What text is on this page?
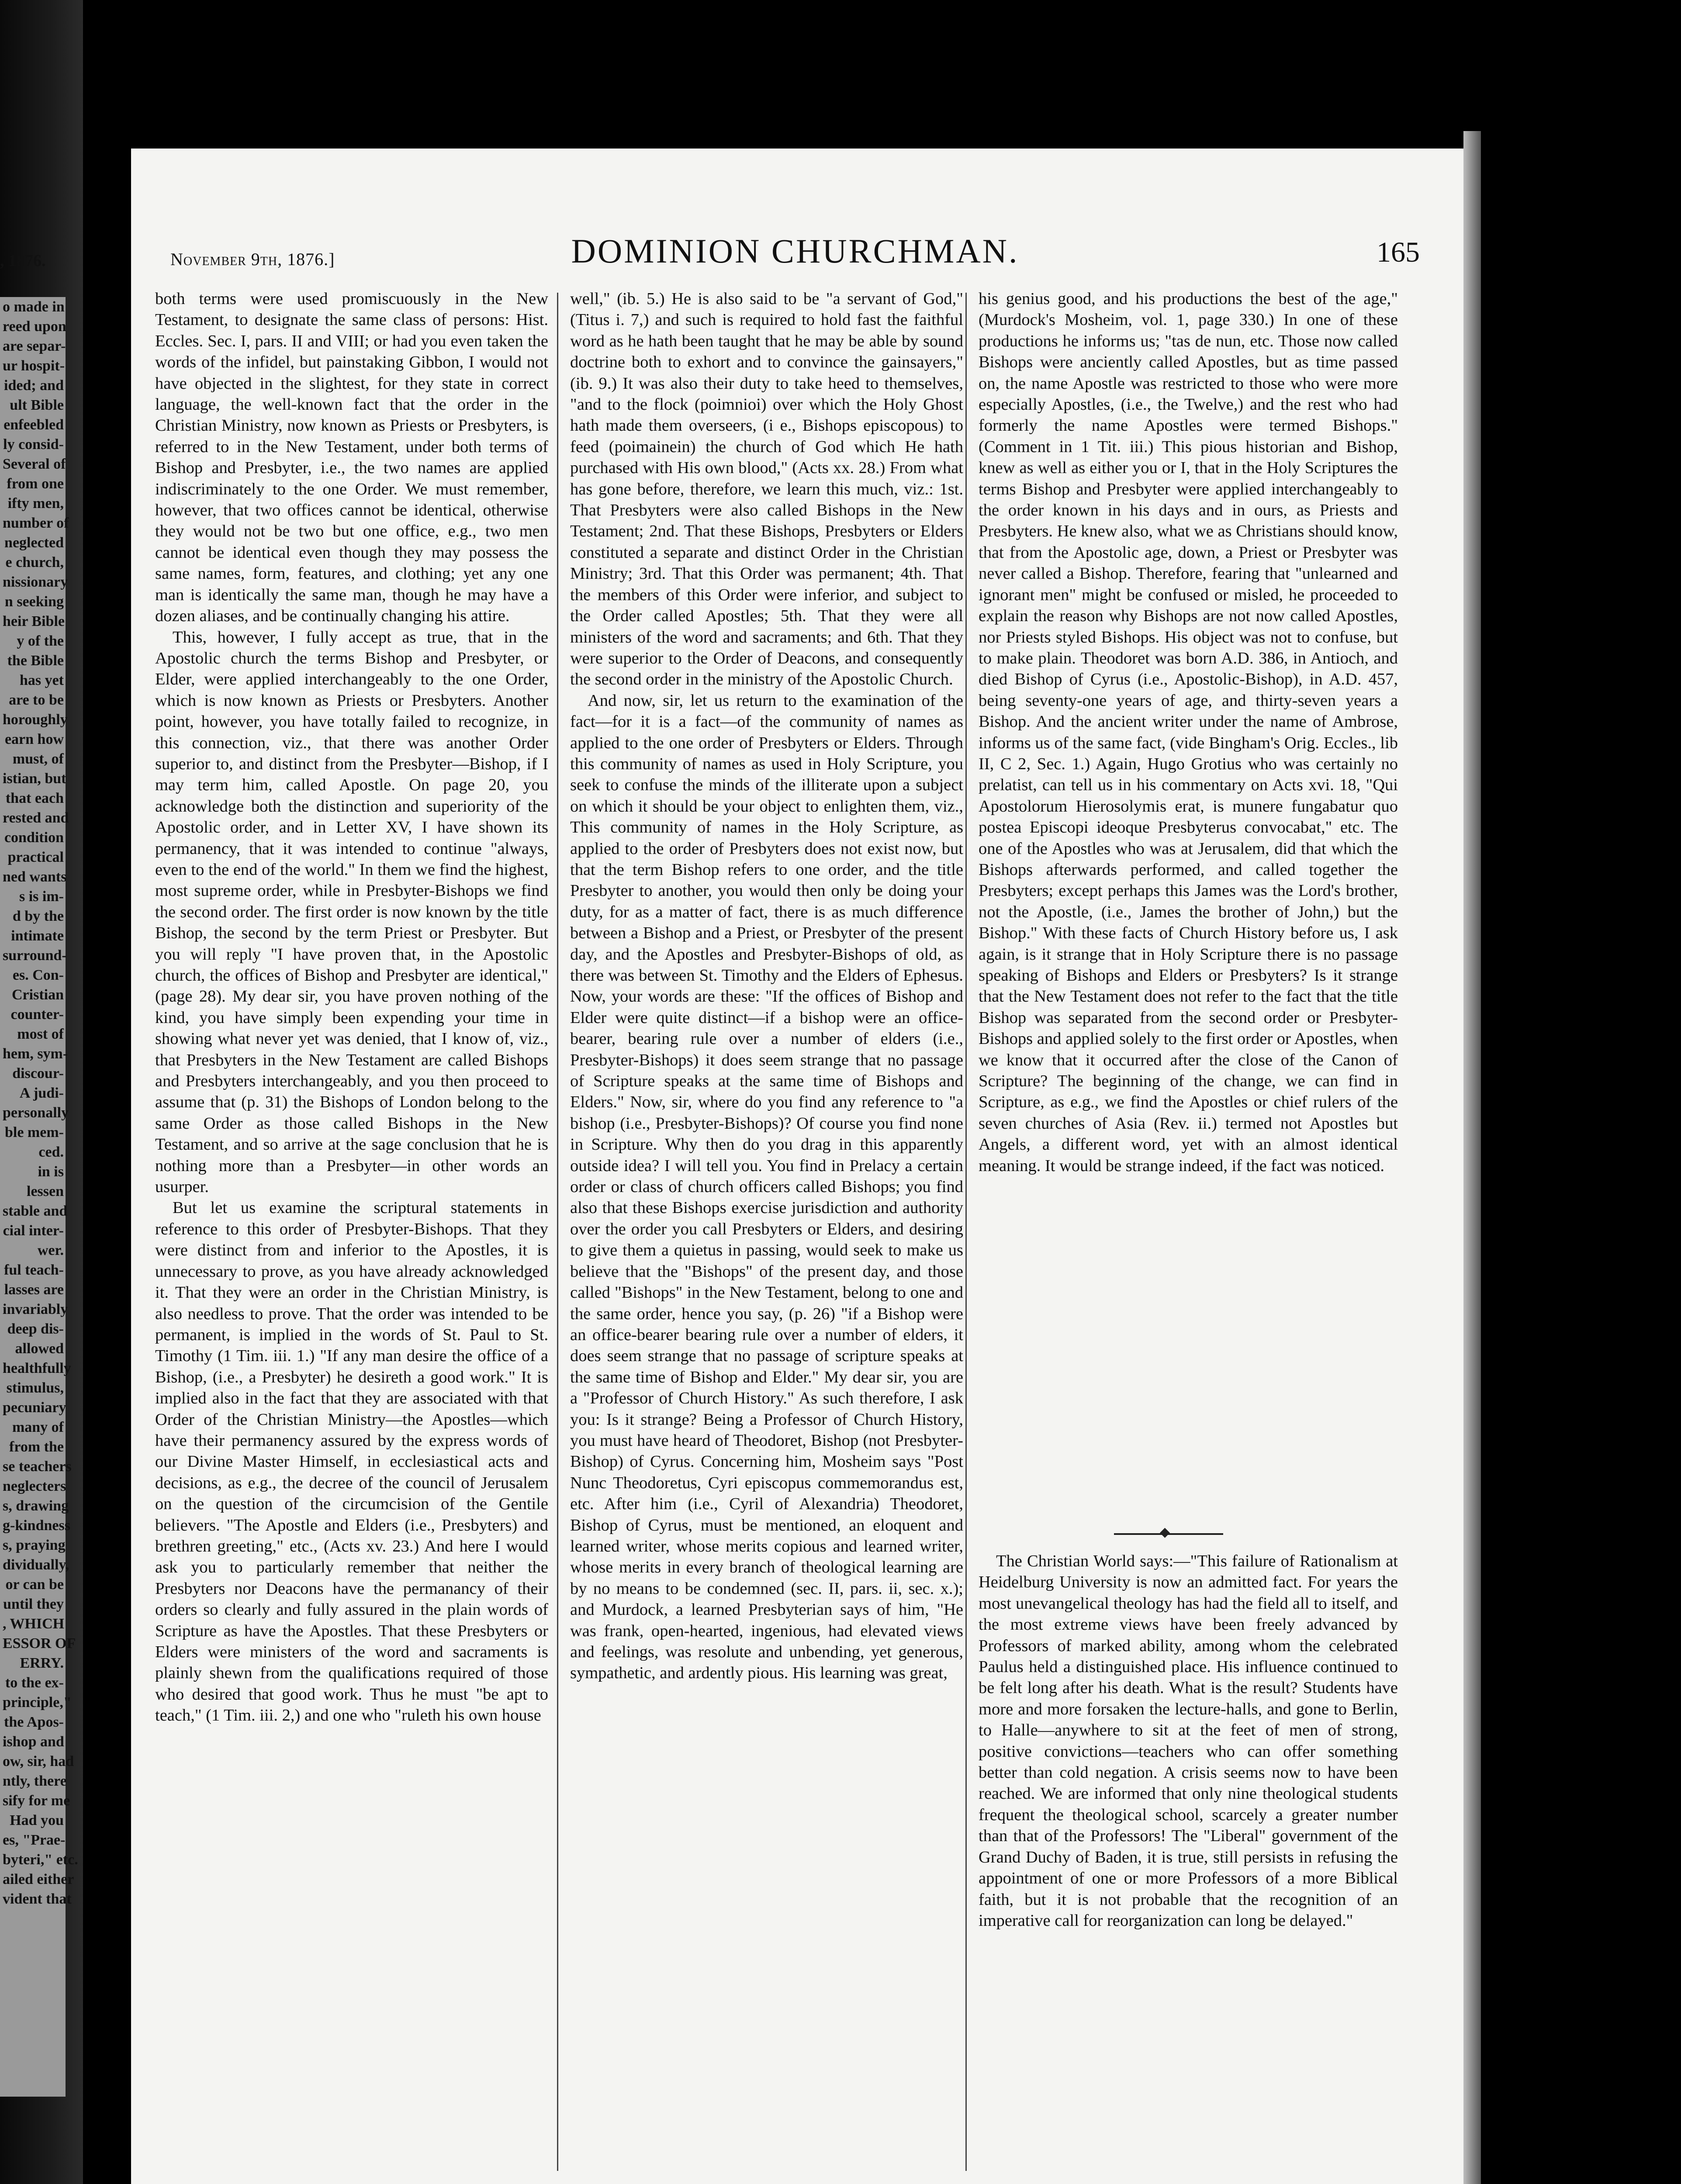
, 1876.
o made in
reed upon
are separ-
ur hospit-
ided; and
ult Bible
enfeebled
ly consid-
Several of
from one
ifty men,
number of
neglected
e church,
nissionary
n seeking
heir Bible
y of the
the Bible
has yet
are to be
horoughly
earn how
must, of
istian, but
that each
rested and
condition
practical
ned wants
s is im-
d by the
intimate
surround-
es. Con-
Cristian
counter-
most of
hem, sym-
discour-
A judi-
personally
ble mem-
ced.
in is
lessen
stable and
cial inter-
wer.
ful teach-
lasses are
invariably
deep dis-
allowed
healthfully
stimulus,
pecuniary
many of
from the
se teachers
neglecters
s, drawing
g-kindness
s, praying
dividually,
or can be
until they
, WHICH
ESSOR OF
ERRY.
to the ex-
principle,"
the Apos-
ishop and
ow, sir, had
ntly, there
sify for me
Had you
es, "Prae-
byteri," etc.
ailed either
vident that
November 9th, 1876.]	DOMINION CHURCHMAN.	165

both terms were used promiscuously in the New Testament, to designate the same class of persons: Hist. Eccles. Sec. I, pars. II and VIII; or had you even taken the words of the infidel, but painstaking Gibbon, I would not have objected in the slightest, for they state in correct language, the well-known fact that the order in the Christian Ministry, now known as Priests or Presbyters, is referred to in the New Testament, under both terms of Bishop and Presbyter, i.e., the two names are applied indiscriminately to the one Order. We must remember, however, that two offices cannot be identical, otherwise they would not be two but one office, e.g., two men cannot be identical even though they may possess the same names, form, features, and clothing; yet any one man is identically the same man, though he may have a dozen aliases, and be continually changing his attire.

This, however, I fully accept as true, that in the Apostolic church the terms Bishop and Presbyter, or Elder, were applied interchangeably to the one Order, which is now known as Priests or Presbyters. Another point, however, you have totally failed to recognize, in this connection, viz., that there was another Order superior to, and distinct from the Presbyter—Bishop, if I may term him, called Apostle. On page 20, you acknowledge both the distinction and superiority of the Apostolic order, and in Letter XV, I have shown its permanency, that it was intended to continue "always, even to the end of the world." In them we find the highest, most supreme order, while in Presbyter-Bishops we find the second order. The first order is now known by the title Bishop, the second by the term Priest or Presbyter. But you will reply "I have proven that, in the Apostolic church, the offices of Bishop and Presbyter are identical," (page 28). My dear sir, you have proven nothing of the kind, you have simply been expending your time in showing what never yet was denied, that I know of, viz., that Presbyters in the New Testament are called Bishops and Presbyters interchangeably, and you then proceed to assume that (p. 31) the Bishops of London belong to the same Order as those called Bishops in the New Testament, and so arrive at the sage conclusion that he is nothing more than a Presbyter—in other words an usurper.

But let us examine the scriptural statements in reference to this order of Presbyter-Bishops. That they were distinct from and inferior to the Apostles, it is unnecessary to prove, as you have already acknowledged it. That they were an order in the Christian Ministry, is also needless to prove. That the order was intended to be permanent, is implied in the words of St. Paul to St. Timothy (1 Tim. iii. 1.) "If any man desire the office of a Bishop, (i.e., a Presbyter) he desireth a good work." It is implied also in the fact that they are associated with that Order of the Christian Ministry—the Apostles—which have their permanency assured by the express words of our Divine Master Himself, in ecclesiastical acts and decisions, as e.g., the decree of the council of Jerusalem on the question of the circumcision of the Gentile believers. "The Apostle and Elders (i.e., Presbyters) and brethren greeting," etc., (Acts xv. 23.) And here I would ask you to particularly remember that neither the Presbyters nor Deacons have the permanancy of their orders so clearly and fully assured in the plain words of Scripture as have the Apostles. That these Presbyters or Elders were ministers of the word and sacraments is plainly shewn from the qualifications required of those who desired that good work. Thus he must "be apt to teach," (1 Tim. iii. 2,) and one who "ruleth his own house

well," (ib. 5.) He is also said to be "a servant of God," (Titus i. 7,) and such is required to hold fast the faithful word as he hath been taught that he may be able by sound doctrine both to exhort and to convince the gainsayers," (ib. 9.) It was also their duty to take heed to themselves, "and to the flock (poimnioi) over which the Holy Ghost hath made them overseers, (i e., Bishops episcopous) to feed (poimainein) the church of God which He hath purchased with His own blood," (Acts xx. 28.) From what has gone before, therefore, we learn this much, viz.: 1st. That Presbyters were also called Bishops in the New Testament; 2nd. That these Bishops, Presbyters or Elders constituted a separate and distinct Order in the Christian Ministry; 3rd. That this Order was permanent; 4th. That the members of this Order were inferior, and subject to the Order called Apostles; 5th. That they were all ministers of the word and sacraments; and 6th. That they were superior to the Order of Deacons, and consequently the second order in the ministry of the Apostolic Church.

And now, sir, let us return to the examination of the fact—for it is a fact—of the community of names as applied to the one order of Presbyters or Elders. Through this community of names as used in Holy Scripture, you seek to confuse the minds of the illiterate upon a subject on which it should be your object to enlighten them, viz., This community of names in the Holy Scripture, as applied to the order of Presbyters does not exist now, but that the term Bishop refers to one order, and the title Presbyter to another, you would then only be doing your duty, for as a matter of fact, there is as much difference between a Bishop and a Priest, or Presbyter of the present day, and the Apostles and Presbyter-Bishops of old, as there was between St. Timothy and the Elders of Ephesus. Now, your words are these: "If the offices of Bishop and Elder were quite distinct—if a bishop were an office-bearer, bearing rule over a number of elders (i.e., Presbyter-Bishops) it does seem strange that no passage of Scripture speaks at the same time of Bishops and Elders." Now, sir, where do you find any reference to "a bishop (i.e., Presbyter-Bishops)? Of course you find none in Scripture. Why then do you drag in this apparently outside idea? I will tell you. You find in Prelacy a certain order or class of church officers called Bishops; you find also that these Bishops exercise jurisdiction and authority over the order you call Presbyters or Elders, and desiring to give them a quietus in passing, would seek to make us believe that the "Bishops" of the present day, and those called "Bishops" in the New Testament, belong to one and the same order, hence you say, (p. 26) "if a Bishop were an office-bearer bearing rule over a number of elders, it does seem strange that no passage of scripture speaks at the same time of Bishop and Elder." My dear sir, you are a "Professor of Church History." As such therefore, I ask you: Is it strange? Being a Professor of Church History, you must have heard of Theodoret, Bishop (not Presbyter-Bishop) of Cyrus. Concerning him, Mosheim says "Post Nunc Theodoretus, Cyri episcopus commemorandus est, etc. After him (i.e., Cyril of Alexandria) Theodoret, Bishop of Cyrus, must be mentioned, an eloquent and learned writer, whose merits copious and learned writer, whose merits in every branch of theological learning are by no means to be condemned (sec. II, pars. ii, sec. x.); and Murdock, a learned Presbyterian says of him, "He was frank, open-hearted, ingenious, had elevated views and feelings, was resolute and unbending, yet generous, sympathetic, and ardently pious. His learning was great,

his genius good, and his productions the best of the age," (Murdock's Mosheim, vol. 1, page 330.) In one of these productions he informs us; "tas de nun, etc. Those now called Bishops were anciently called Apostles, but as time passed on, the name Apostle was restricted to those who were more especially Apostles, (i.e., the Twelve,) and the rest who had formerly the name Apostles were termed Bishops." (Comment in 1 Tit. iii.) This pious historian and Bishop, knew as well as either you or I, that in the Holy Scriptures the terms Bishop and Presbyter were applied interchangeably to the order known in his days and in ours, as Priests and Presbyters. He knew also, what we as Christians should know, that from the Apostolic age, down, a Priest or Presbyter was never called a Bishop. Therefore, fearing that "unlearned and ignorant men" might be confused or misled, he proceeded to explain the reason why Bishops are not now called Apostles, nor Priests styled Bishops. His object was not to confuse, but to make plain. Theodoret was born A.D. 386, in Antioch, and died Bishop of Cyrus (i.e., Apostolic-Bishop), in A.D. 457, being seventy-one years of age, and thirty-seven years a Bishop. And the ancient writer under the name of Ambrose, informs us of the same fact, (vide Bingham's Orig. Eccles., lib II, C 2, Sec. 1.) Again, Hugo Grotius who was certainly no prelatist, can tell us in his commentary on Acts xvi. 18, "Qui Apostolorum Hierosolymis erat, is munere fungabatur quo postea Episcopi ideoque Presbyterus convocabat," etc. The one of the Apostles who was at Jerusalem, did that which the Bishops afterwards performed, and called together the Presbyters; except perhaps this James was the Lord's brother, not the Apostle, (i.e., James the brother of John,) but the Bishop." With these facts of Church History before us, I ask again, is it strange that in Holy Scripture there is no passage speaking of Bishops and Elders or Presbyters? Is it strange that the New Testament does not refer to the fact that the title Bishop was separated from the second order or Presbyter-Bishops and applied solely to the first order or Apostles, when we know that it occurred after the close of the Canon of Scripture? The beginning of the change, we can find in Scripture, as e.g., we find the Apostles or chief rulers of the seven churches of Asia (Rev. ii.) termed not Apostles but Angels, a different word, yet with an almost identical meaning. It would be strange indeed, if the fact was noticed.

The Christian World says:—"This failure of Rationalism at Heidelburg University is now an admitted fact. For years the most unevangelical theology has had the field all to itself, and the most extreme views have been freely advanced by Professors of marked ability, among whom the celebrated Paulus held a distinguished place. His influence continued to be felt long after his death. What is the result? Students have more and more forsaken the lecture-halls, and gone to Berlin, to Halle—anywhere to sit at the feet of men of strong, positive convictions—teachers who can offer something better than cold negation. A crisis seems now to have been reached. We are informed that only nine theological students frequent the theological school, scarcely a greater number than that of the Professors! The "Liberal" government of the Grand Duchy of Baden, it is true, still persists in refusing the appointment of one or more Professors of a more Biblical faith, but it is not probable that the recognition of an imperative call for reorganization can long be delayed."

◆
